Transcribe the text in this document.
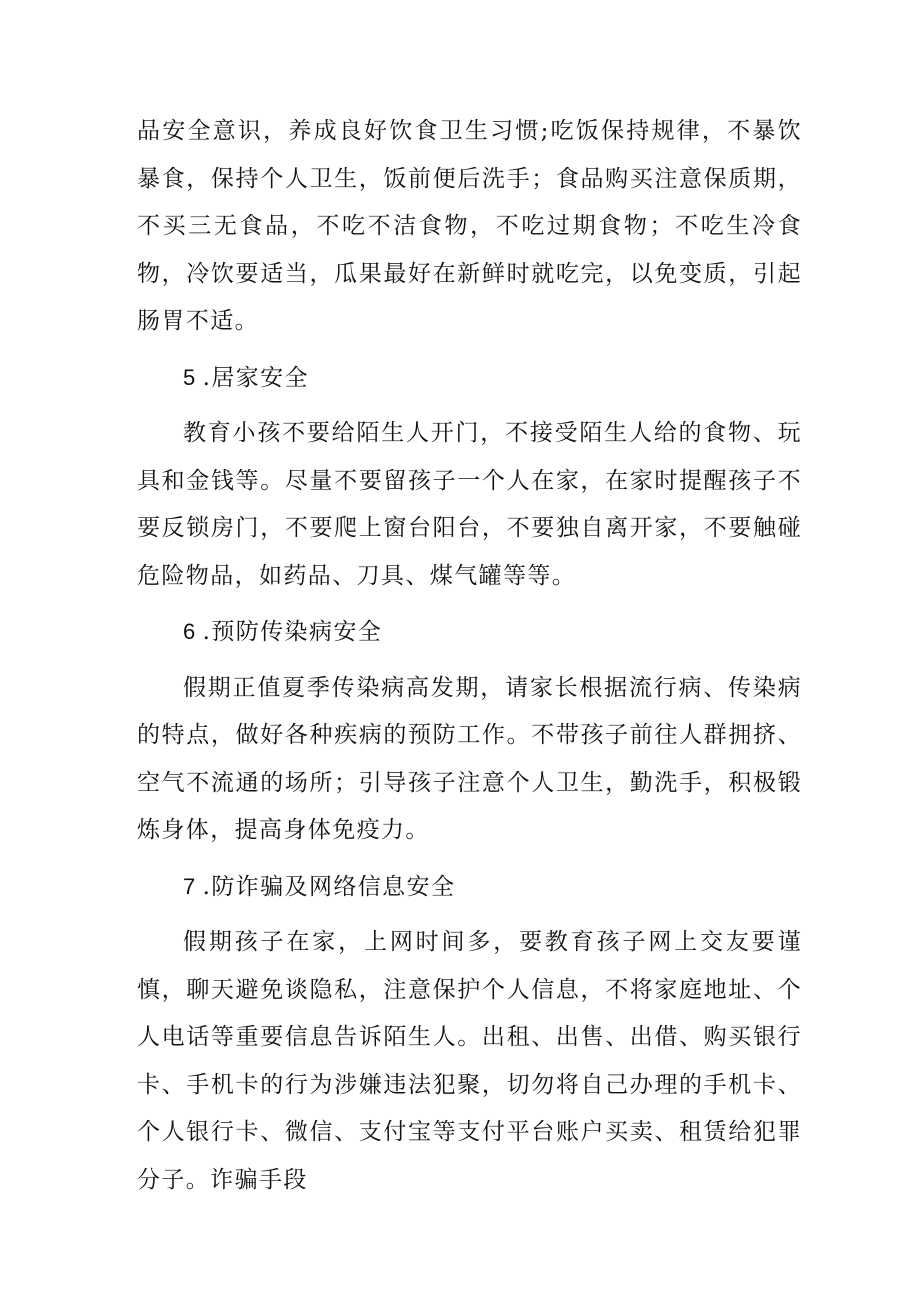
品安全意识，养成良好饮食卫生习惯;吃饭保持规律，不暴饮暴食，保持个人卫生，饭前便后洗手；食品购买注意保质期，不买三无食品，不吃不洁食物，不吃过期食物；不吃生冷食物，冷饮要适当，瓜果最好在新鲜时就吃完，以免变质，引起肠胃不适。

5 .居家安全

教育小孩不要给陌生人开门，不接受陌生人给的食物、玩具和金钱等。尽量不要留孩子一个人在家，在家时提醒孩子不要反锁房门，不要爬上窗台阳台，不要独自离开家，不要触碰危险物品，如药品、刀具、煤气罐等等。

6 .预防传染病安全

假期正值夏季传染病高发期，请家长根据流行病、传染病的特点，做好各种疾病的预防工作。不带孩子前往人群拥挤、空气不流通的场所；引导孩子注意个人卫生，勤洗手，积极锻炼身体，提高身体免疫力。

7 .防诈骗及网络信息安全

假期孩子在家，上网时间多，要教育孩子网上交友要谨慎，聊天避免谈隐私，注意保护个人信息，不将家庭地址、个人电话等重要信息告诉陌生人。出租、出售、出借、购买银行卡、手机卡的行为涉嫌违法犯聚，切勿将自己办理的手机卡、个人银行卡、微信、支付宝等支付平台账户买卖、租赁给犯罪分子。诈骗手段
